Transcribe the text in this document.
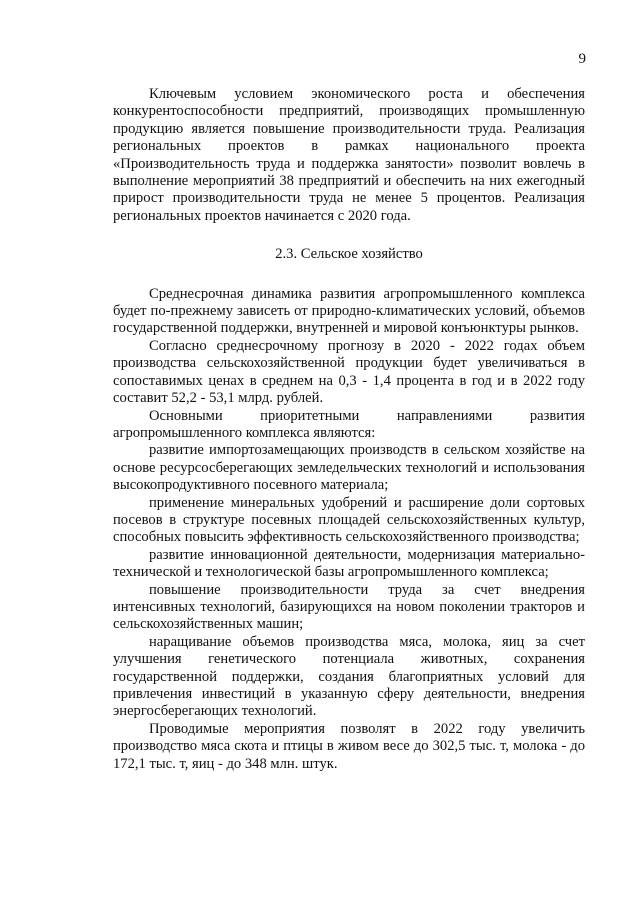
9

Ключевым условием экономического роста и обеспечения конкурентоспособности предприятий, производящих промышленную продукцию является повышение производительности труда. Реализация региональных проектов в рамках национального проекта «Производительность труда и поддержка занятости» позволит вовлечь в выполнение мероприятий 38 предприятий и обеспечить на них ежегодный прирост производительности труда не менее 5 процентов. Реализация региональных проектов начинается с 2020 года.

2.3. Сельское хозяйство

Среднесрочная динамика развития агропромышленного комплекса будет по-прежнему зависеть от природно-климатических условий, объемов государственной поддержки, внутренней и мировой конъюнктуры рынков.

Согласно среднесрочному прогнозу в 2020 - 2022 годах объем производства сельскохозяйственной продукции будет увеличиваться в сопоставимых ценах в среднем на 0,3 - 1,4 процента в год и в 2022 году составит 52,2 - 53,1 млрд. рублей.

Основными приоритетными направлениями развития агропромышленного комплекса являются:

развитие импортозамещающих производств в сельском хозяйстве на основе ресурсосберегающих земледельческих технологий и использования высокопродуктивного посевного материала;

применение минеральных удобрений и расширение доли сортовых посевов в структуре посевных площадей сельскохозяйственных культур, способных повысить эффективность сельскохозяйственного производства;

развитие инновационной деятельности, модернизация материально-технической и технологической базы агропромышленного комплекса;

повышение производительности труда за счет внедрения интенсивных технологий, базирующихся на новом поколении тракторов и сельскохозяйственных машин;

наращивание объемов производства мяса, молока, яиц за счет улучшения генетического потенциала животных, сохранения государственной поддержки, создания благоприятных условий для привлечения инвестиций в указанную сферу деятельности, внедрения энергосберегающих технологий.

Проводимые мероприятия позволят в 2022 году увеличить производство мяса скота и птицы в живом весе до 302,5 тыс. т, молока - до 172,1 тыс. т, яиц - до 348 млн. штук.
